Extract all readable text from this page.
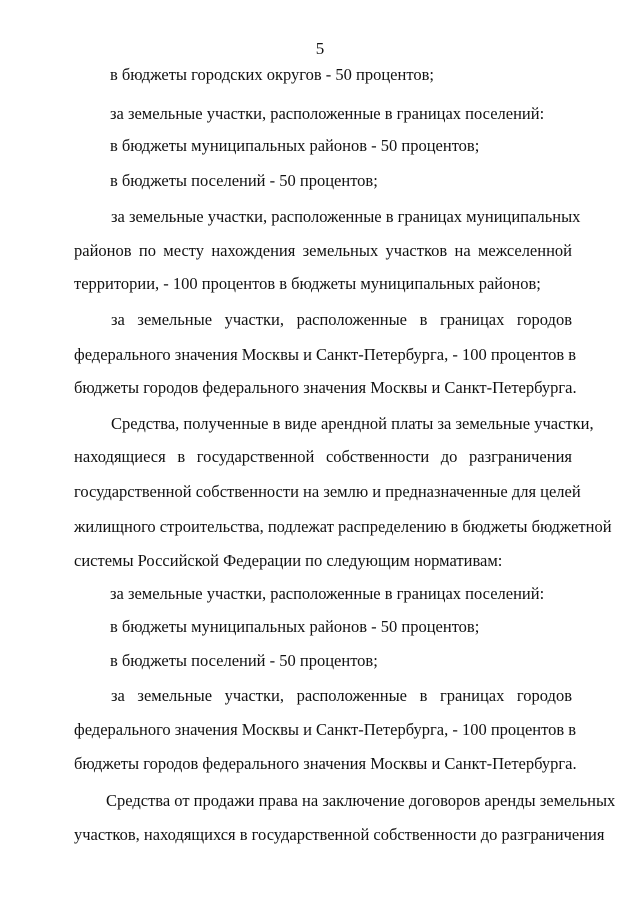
5
в бюджеты городских округов - 50 процентов;
за земельные участки, расположенные в границах поселений:
в бюджеты муниципальных районов - 50 процентов;
в бюджеты поселений - 50 процентов;
за земельные участки, расположенные в границах муниципальных
районов по месту нахождения земельных участков на межселенной
территории, - 100 процентов в бюджеты муниципальных районов;
за земельные участки, расположенные в границах городов
федерального значения Москвы и Санкт-Петербурга, - 100 процентов в
бюджеты городов федерального значения Москвы и Санкт-Петербурга.
Средства, полученные в виде арендной платы за земельные участки,
находящиеся в государственной собственности до разграничения
государственной собственности на землю и предназначенные для целей
жилищного строительства, подлежат распределению в бюджеты бюджетной
системы Российской Федерации по следующим нормативам:
за земельные участки, расположенные в границах поселений:
в бюджеты муниципальных районов - 50 процентов;
в бюджеты поселений - 50 процентов;
за земельные участки, расположенные в границах городов
федерального значения Москвы и Санкт-Петербурга, - 100 процентов в
бюджеты городов федерального значения Москвы и Санкт-Петербурга.
Средства от продажи права на заключение договоров аренды земельных
участков, находящихся в государственной собственности до разграничения
